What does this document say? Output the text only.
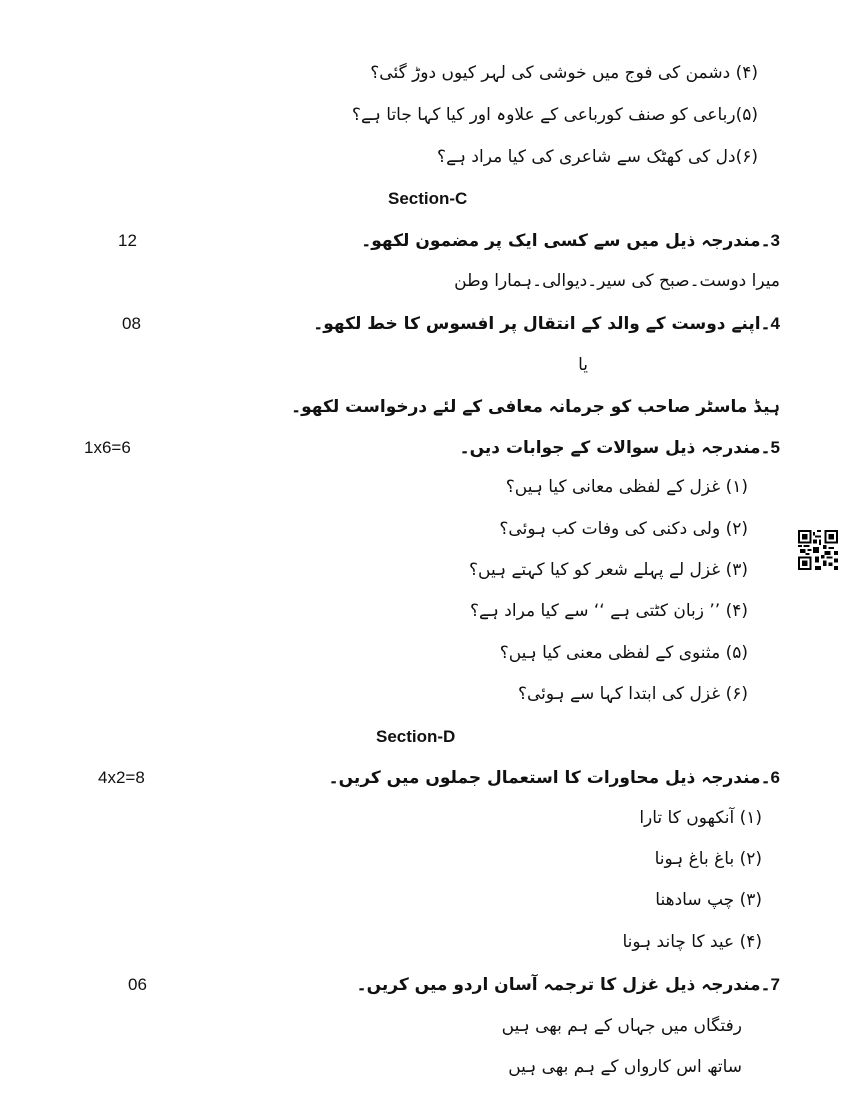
(۴) دشمن کی فوج میں خوشی کی لہر کیوں دوڑ گئی؟
(۵)رباعی کو صنف کورباعی کے علاوہ اور کیا کہا جاتا ہے؟
(۶)دل کی کھٹک سے شاعری کی کیا مراد ہے؟
Section-C
12	3۔مندرجہ ذیل میں سے کسی ایک پر مضمون لکھو۔
میرا دوست۔صبح کی سیر۔دیوالی۔ہمارا وطن
08	4۔اپنے دوست کے والد کے انتقال پر افسوس کا خط لکھو۔
یا
ہیڈ ماسٹر صاحب کو جرمانہ معافی کے لئے درخواست لکھو۔
1x6=6	5۔مندرجہ ذیل سوالات کے جوابات دیں۔
(۱) غزل کے لفظی معانی کیا ہیں؟
(۲) ولی دکنی کی وفات کب ہوئی؟
(۳) غزل لے پہلے شعر کو کیا کہتے ہیں؟
(۴) ’’ زبان کٹتی ہے ‘‘ سے کیا مراد ہے؟
(۵) مثنوی کے لفظی معنی کیا ہیں؟
(۶) غزل کی ابتدا کہا سے ہوئی؟
Section-D
4x2=8	6۔مندرجہ ذیل محاورات کا استعمال جملوں میں کریں۔
(۱) آنکھوں کا تارا
(۲) باغ باغ ہونا
(۳) چپ سادھنا
(۴) عید کا چاند ہونا
06	7۔مندرجہ ذیل غزل کا ترجمہ آسان اردو میں کریں۔
رفتگاں میں جہاں کے ہم بھی ہیں
ساتھ اس کارواں کے ہم بھی ہیں
